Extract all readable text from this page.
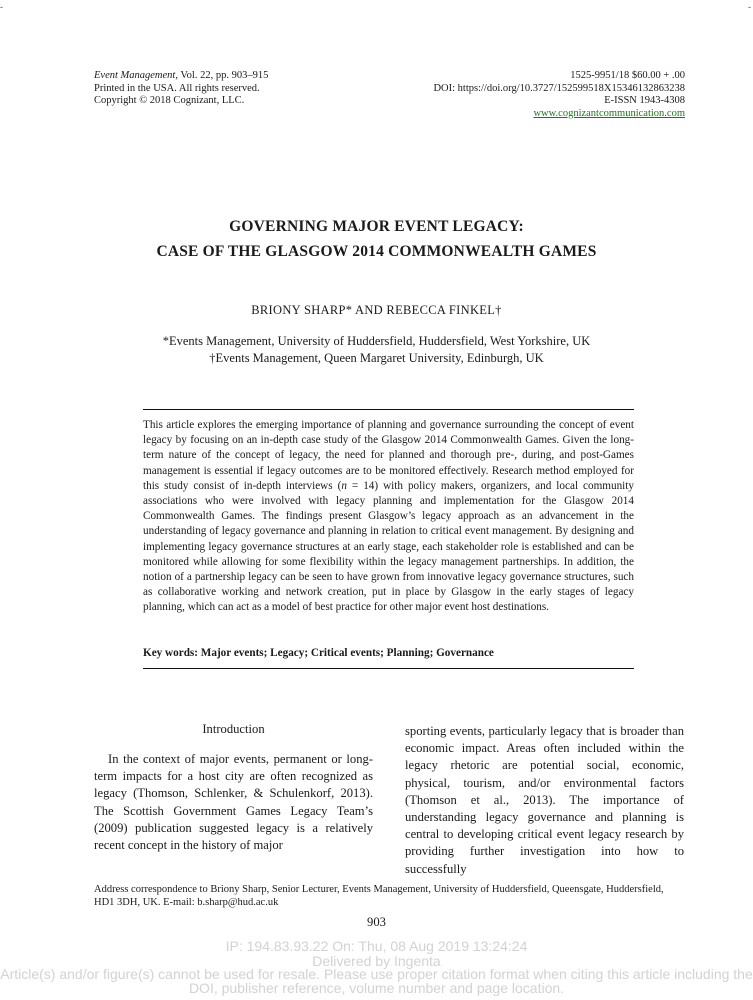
-	-
Event Management, Vol. 22, pp. 903–915
Printed in the USA. All rights reserved.
Copyright © 2018 Cognizant, LLC.
1525-9951/18 $60.00 + .00
DOI: https://doi.org/10.3727/152599518X15346132863238
E-ISSN 1943-4308
www.cognizantcommunication.com
GOVERNING MAJOR EVENT LEGACY:
CASE OF THE GLASGOW 2014 COMMONWEALTH GAMES
BRIONY SHARP* AND REBECCA FINKEL†
*Events Management, University of Huddersfield, Huddersfield, West Yorkshire, UK
†Events Management, Queen Margaret University, Edinburgh, UK
This article explores the emerging importance of planning and governance surrounding the concept of event legacy by focusing on an in-depth case study of the Glasgow 2014 Commonwealth Games. Given the long-term nature of the concept of legacy, the need for planned and thorough pre-, during, and post-Games management is essential if legacy outcomes are to be monitored effectively. Research method employed for this study consist of in-depth interviews (n = 14) with policy makers, organizers, and local community associations who were involved with legacy planning and implementation for the Glasgow 2014 Commonwealth Games. The findings present Glasgow’s legacy approach as an advancement in the understanding of legacy governance and planning in relation to critical event management. By designing and implementing legacy governance structures at an early stage, each stakeholder role is established and can be monitored while allowing for some flexibility within the legacy management partnerships. In addition, the notion of a partnership legacy can be seen to have grown from innovative legacy governance structures, such as collaborative working and network creation, put in place by Glasgow in the early stages of legacy planning, which can act as a model of best practice for other major event host destinations.
Key words: Major events; Legacy; Critical events; Planning; Governance
Introduction
In the context of major events, permanent or long-term impacts for a host city are often recognized as legacy (Thomson, Schlenker, & Schulenkorf, 2013). The Scottish Government Games Legacy Team’s (2009) publication suggested legacy is a relatively recent concept in the history of major
sporting events, particularly legacy that is broader than economic impact. Areas often included within the legacy rhetoric are potential social, economic, physical, tourism, and/or environmental factors (Thomson et al., 2013). The importance of understanding legacy governance and planning is central to developing critical event legacy research by providing further investigation into how to successfully
Address correspondence to Briony Sharp, Senior Lecturer, Events Management, University of Huddersfield, Queensgate, Huddersfield, HD1 3DH, UK. E-mail: b.sharp@hud.ac.uk
903
IP: 194.83.93.22 On: Thu, 08 Aug 2019 13:24:24
Delivered by Ingenta
Article(s) and/or figure(s) cannot be used for resale. Please use proper citation format when citing this article including the
DOI, publisher reference, volume number and page location.
